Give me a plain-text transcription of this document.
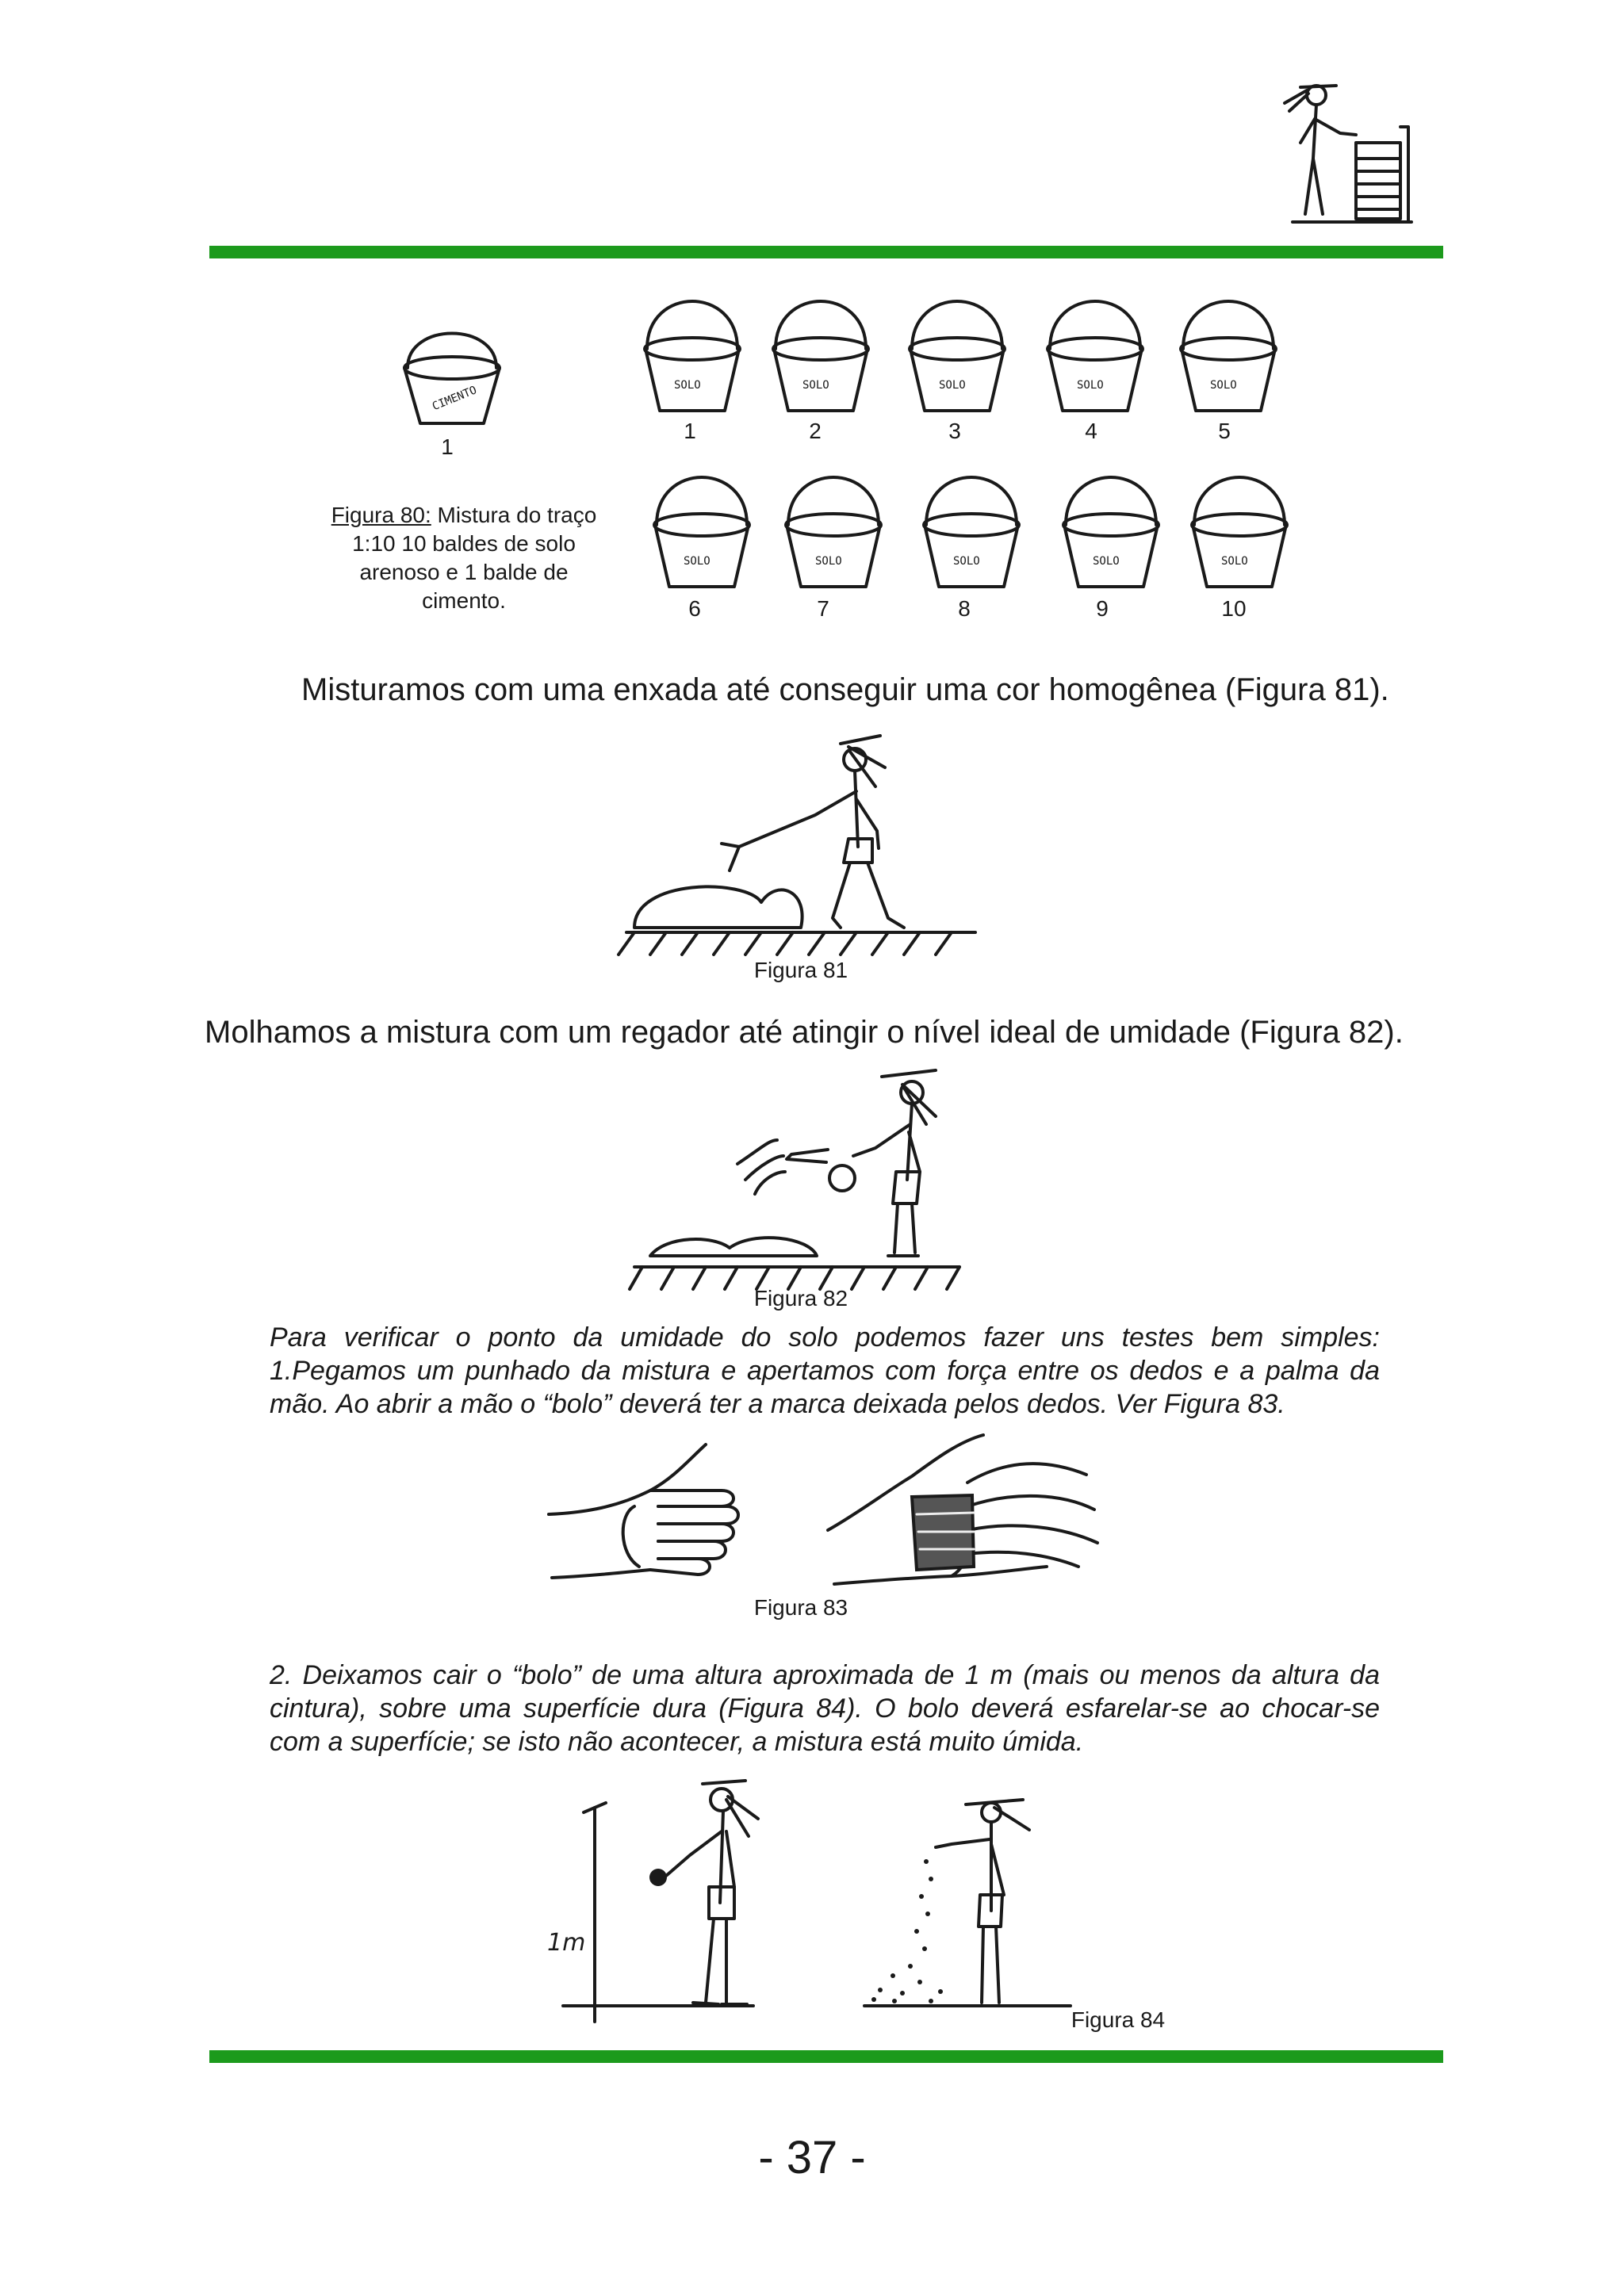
CIMENTO
1
SOLO	SOLO	SOLO	SOLO	SOLO
1	2	3	4	5
SOLO	SOLO	SOLO	SOLO	SOLO
6	7	8	9	10
Figura 80: Mistura do traço 1:10 10 baldes de solo arenoso e 1 balde de cimento.
Misturamos com uma enxada até conseguir uma cor homogênea (Figura 81).
Figura 81
Molhamos a mistura com um regador até atingir o nível ideal de umidade (Figura 82).
Figura 82
Para verificar o ponto da umidade do solo podemos fazer uns testes bem simples: 1.Pegamos um punhado da mistura e apertamos com força entre os dedos e a palma da mão. Ao abrir a mão o “bolo” deverá ter a marca deixada pelos dedos. Ver Figura 83.
Figura 83
2. Deixamos cair o “bolo” de uma altura aproximada de 1 m (mais ou menos da altura da cintura), sobre uma superfície dura (Figura 84). O bolo deverá esfarelar-se ao chocar-se com a superfície; se isto não acontecer, a mistura está muito úmida.
1m
Figura 84
- 37 -
